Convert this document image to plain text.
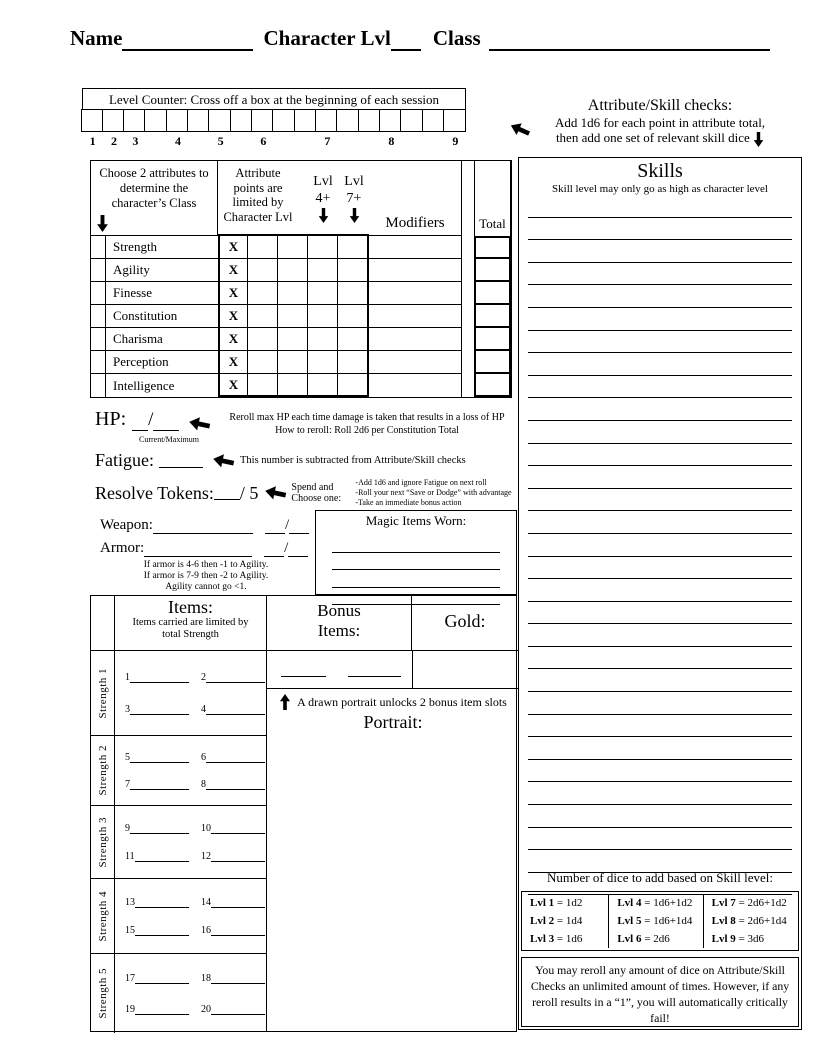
Name	Character Lvl Class
Level Counter: Cross off a box at the beginning of each session
1 2 3	4	5	6	7	8	9
Attribute/Skill checks:
Add 1d6 for each point in attribute total,
then add one set of relevant skill dice
Choose 2 attributes to determine the character’s Class
Attribute points are limited by Character Lvl
Lvl
4+

Lvl
7+

Modifiers	Total
Strength	X
Agility	X
Finesse	X
Constitution	X
Charisma	X
Perception	X
Intelligence	X
Skills
Skill level may only go as high as character level
Number of dice to add based on Skill level:
Lvl 1 = 1d2	Lvl 4 = 1d6+1d2	Lvl 7 = 2d6+1d2
Lvl 2 = 1d4	Lvl 5 = 1d6+1d4	Lvl 8 = 2d6+1d4
Lvl 3 = 1d6	Lvl 6 = 2d6	Lvl 9 = 3d6
You may reroll any amount of dice on Attribute/Skill Checks an unlimited amount of times. However, if any reroll results in a “1”, you will automatically critically fail!
HP: /
Current/Maximum
Reroll max HP each time damage is taken that results in a loss of HP
How to reroll: Roll 2d6 per Constitution Total
Fatigue:	This number is subtracted from Attribute/Skill checks
Resolve Tokens: / 5	Spend and
Choose one:
-Add 1d6 and ignore Fatigue on next roll
-Roll your next “Save or Dodge” with advantage
-Take an immediate bonus action
Weapon:	/
Armor:	/
If armor is 4-6 then -1 to Agility.
If armor is 7-9 then -2 to Agility.
Agility cannot go <1.
Magic Items Worn:
Items:
Items carried are limited by total Strength
Bonus Items:	Gold:
Strength 1 1	2
3	4
Strength 2 5	6
7	8
Strength 3 9	10
11	12
Strength 4 13	14
15	16
Strength 5 17	18
19	20
A drawn portrait unlocks 2 bonus item slots
Portrait:
